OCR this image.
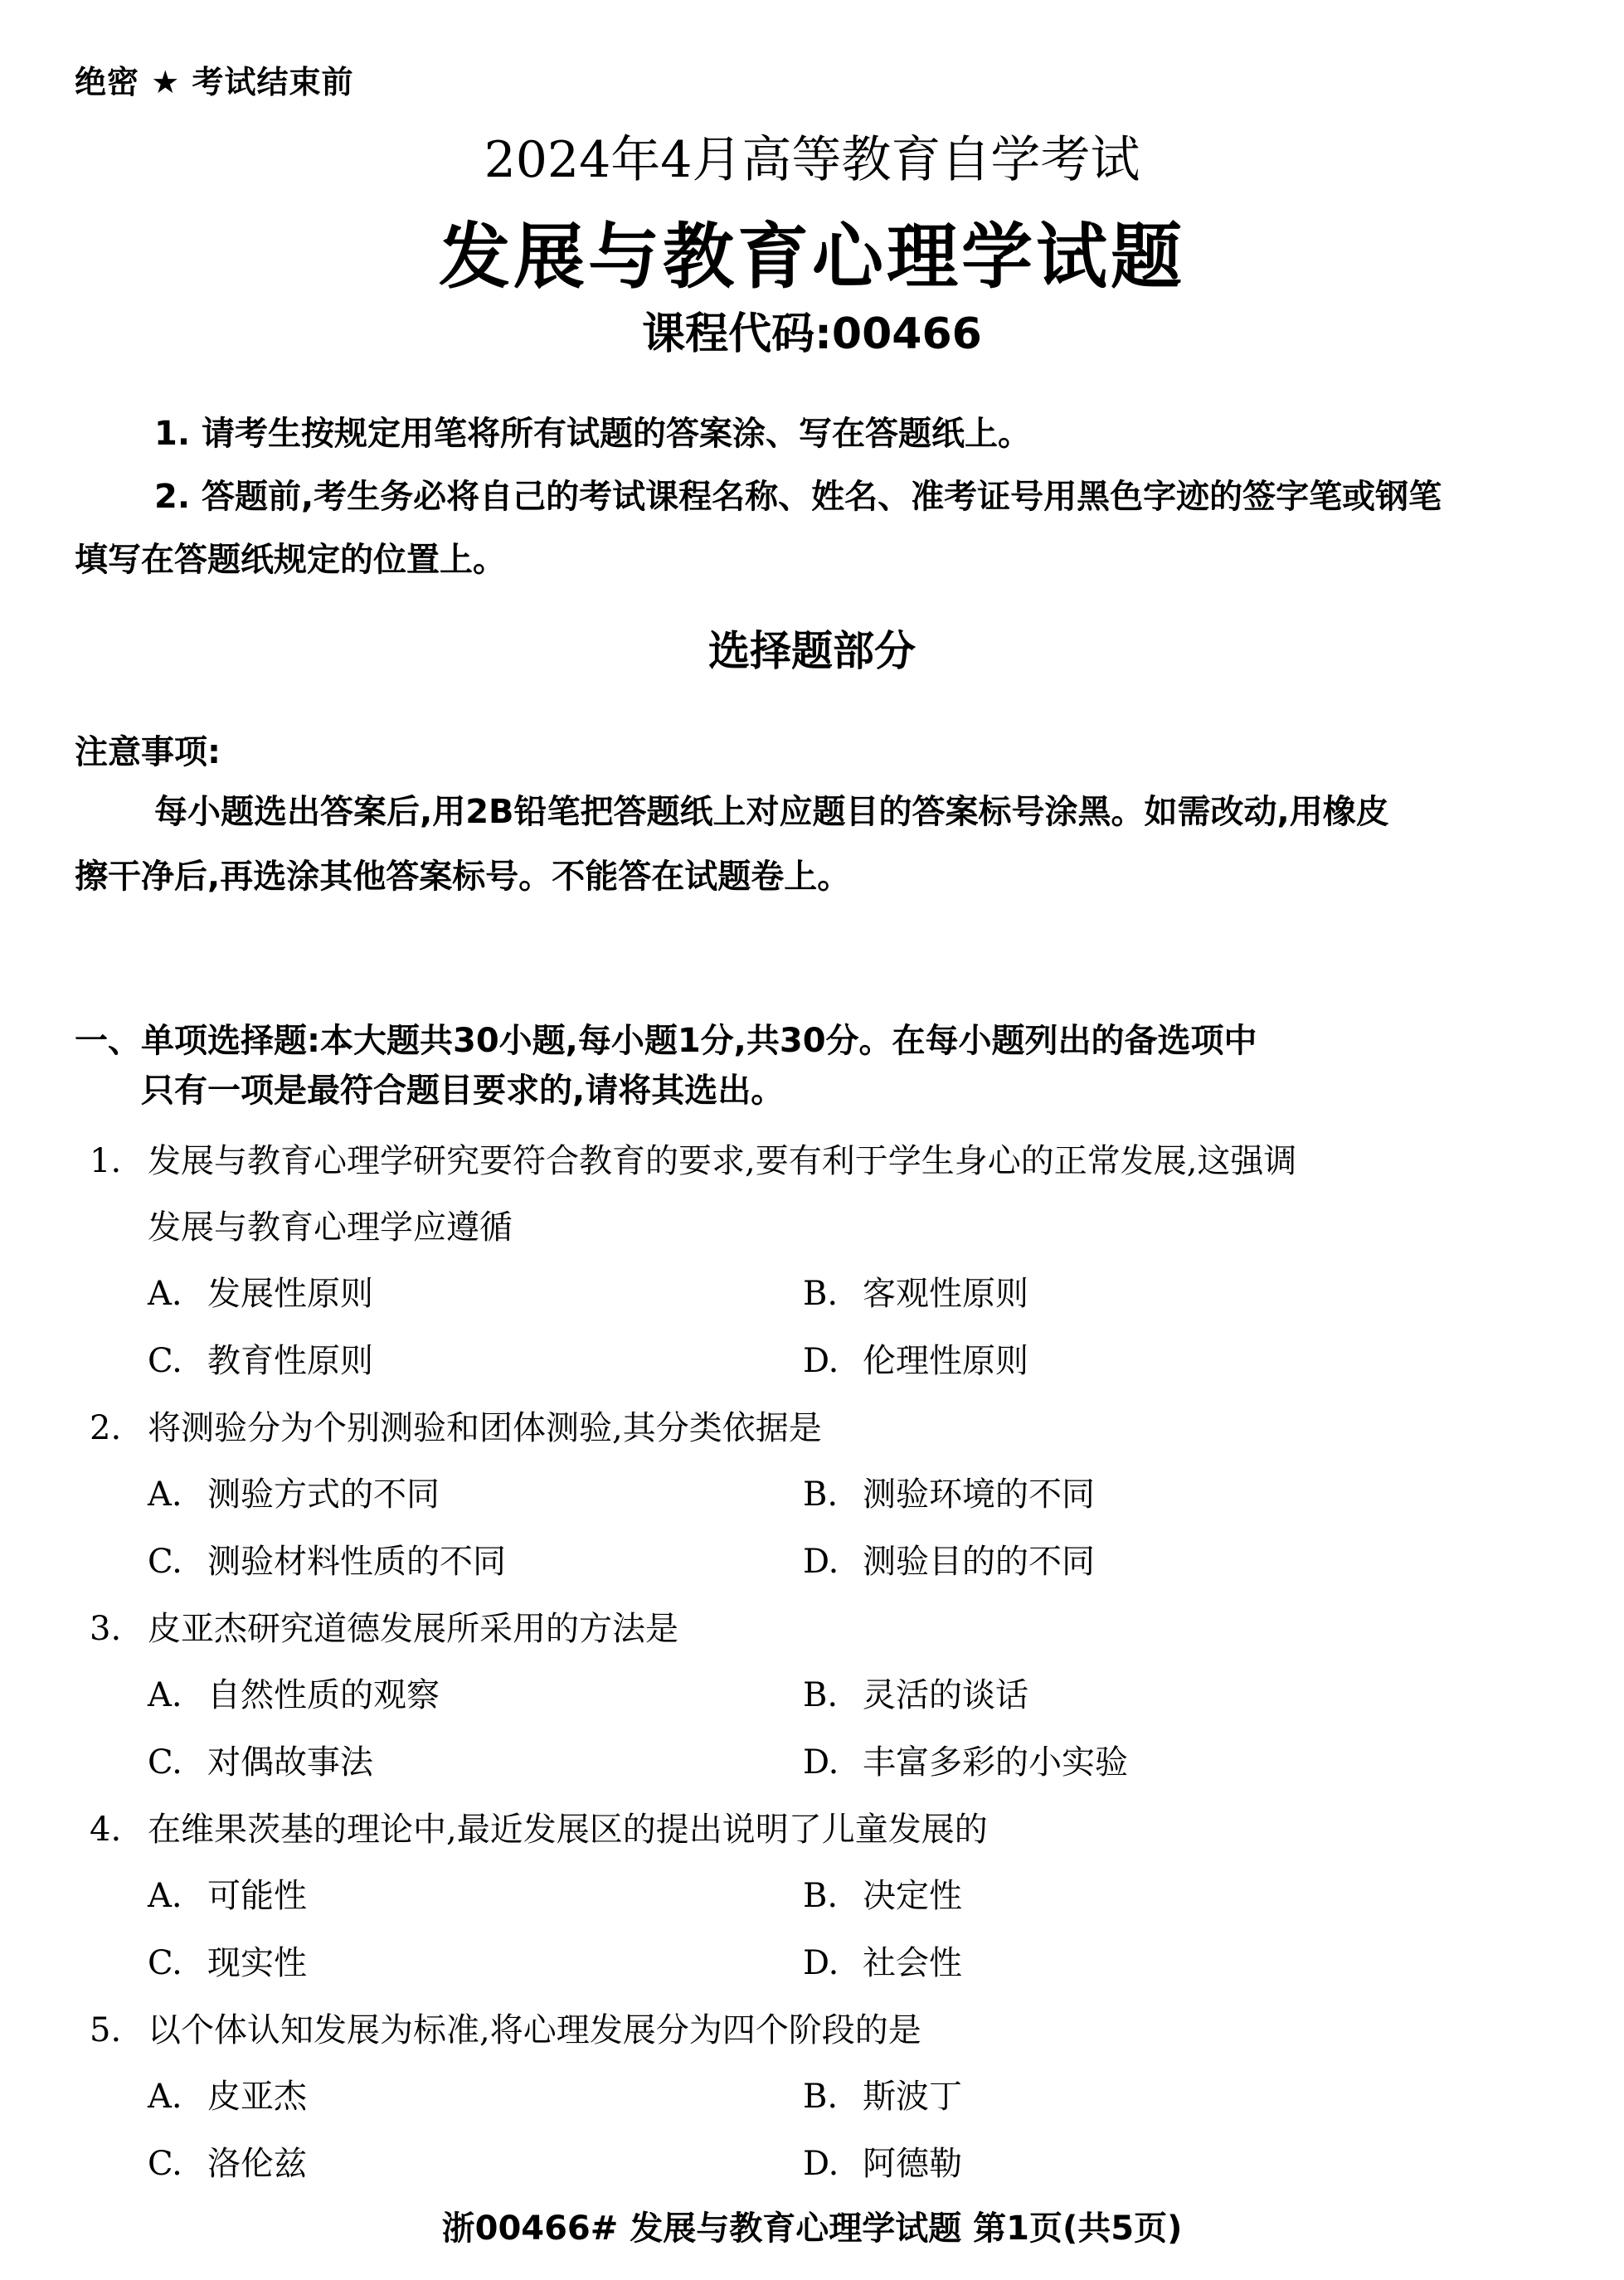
绝密 ★ 考试结束前
2024年4月高等教育自学考试
发展与教育心理学试题
课程代码:00466

1. 请考生按规定用笔将所有试题的答案涂、写在答题纸上。

2. 答题前,考生务必将自己的考试课程名称、姓名、准考证号用黑色字迹的签字笔或钢笔

填写在答题纸规定的位置上。

选择题部分
注意事项:

每小题选出答案后,用2B铅笔把答题纸上对应题目的答案标号涂黑。如需改动,用橡皮

擦干净后,再选涂其他答案标号。不能答在试题卷上。

一、单项选择题:本大题共30小题,每小题1分,共30分。在每小题列出的备选项中
只有一项是最符合题目要求的,请将其选出。
1. 发展与教育心理学研究要符合教育的要求,要有利于学生身心的正常发展,这强调
发展与教育心理学应遵循
A. 发展性原则	B. 客观性原则
C. 教育性原则	D. 伦理性原则
2. 将测验分为个别测验和团体测验,其分类依据是
A. 测验方式的不同	B. 测验环境的不同
C. 测验材料性质的不同	D. 测验目的的不同
3. 皮亚杰研究道德发展所采用的方法是
A. 自然性质的观察	B. 灵活的谈话
C. 对偶故事法	D. 丰富多彩的小实验
4. 在维果茨基的理论中,最近发展区的提出说明了儿童发展的
A. 可能性	B. 决定性
C. 现实性	D. 社会性
5. 以个体认知发展为标准,将心理发展分为四个阶段的是
A. 皮亚杰	B. 斯波丁
C. 洛伦兹	D. 阿德勒
浙00466# 发展与教育心理学试题 第1页(共5页)
